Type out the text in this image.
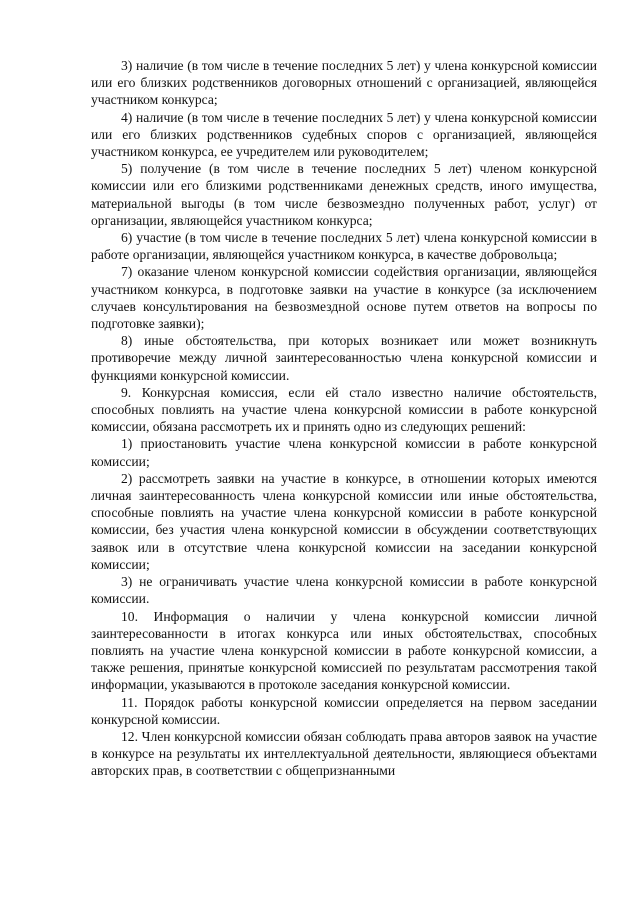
3) наличие (в том числе в течение последних 5 лет) у члена конкурсной комиссии или его близких родственников договорных отношений с организацией, являющейся участником конкурса;

4) наличие (в том числе в течение последних 5 лет) у члена конкурсной комиссии или его близких родственников судебных споров с организацией, являющейся участником конкурса, ее учредителем или руководителем;

5) получение (в том числе в течение последних 5 лет) членом конкурсной комиссии или его близкими родственниками денежных средств, иного имущества, материальной выгоды (в том числе безвозмездно полученных работ, услуг) от организации, являющейся участником конкурса;

6) участие (в том числе в течение последних 5 лет) члена конкурсной комиссии в работе организации, являющейся участником конкурса, в качестве добровольца;

7) оказание членом конкурсной комиссии содействия организации, являющейся участником конкурса, в подготовке заявки на участие в конкурсе (за исключением случаев консультирования на безвозмездной основе путем ответов на вопросы по подготовке заявки);

8) иные обстоятельства, при которых возникает или может возникнуть противоречие между личной заинтересованностью члена конкурсной комиссии и функциями конкурсной комиссии.

9. Конкурсная комиссия, если ей стало известно наличие обстоятельств, способных повлиять на участие члена конкурсной комиссии в работе конкурсной комиссии, обязана рассмотреть их и принять одно из следующих решений:

1) приостановить участие члена конкурсной комиссии в работе конкурсной комиссии;

2) рассмотреть заявки на участие в конкурсе, в отношении которых имеются личная заинтересованность члена конкурсной комиссии или иные обстоятельства, способные повлиять на участие члена конкурсной комиссии в работе конкурсной комиссии, без участия члена конкурсной комиссии в обсуждении соответствующих заявок или в отсутствие члена конкурсной комиссии на заседании конкурсной комиссии;

3) не ограничивать участие члена конкурсной комиссии в работе конкурсной комиссии.

10. Информация о наличии у члена конкурсной комиссии личной заинтересованности в итогах конкурса или иных обстоятельствах, способных повлиять на участие члена конкурсной комиссии в работе конкурсной комиссии, а также решения, принятые конкурсной комиссией по результатам рассмотрения такой информации, указываются в протоколе заседания конкурсной комиссии.

11. Порядок работы конкурсной комиссии определяется на первом заседании конкурсной комиссии.

12. Член конкурсной комиссии обязан соблюдать права авторов заявок на участие в конкурсе на результаты их интеллектуальной деятельности, являющиеся объектами авторских прав, в соответствии с общепризнанными
